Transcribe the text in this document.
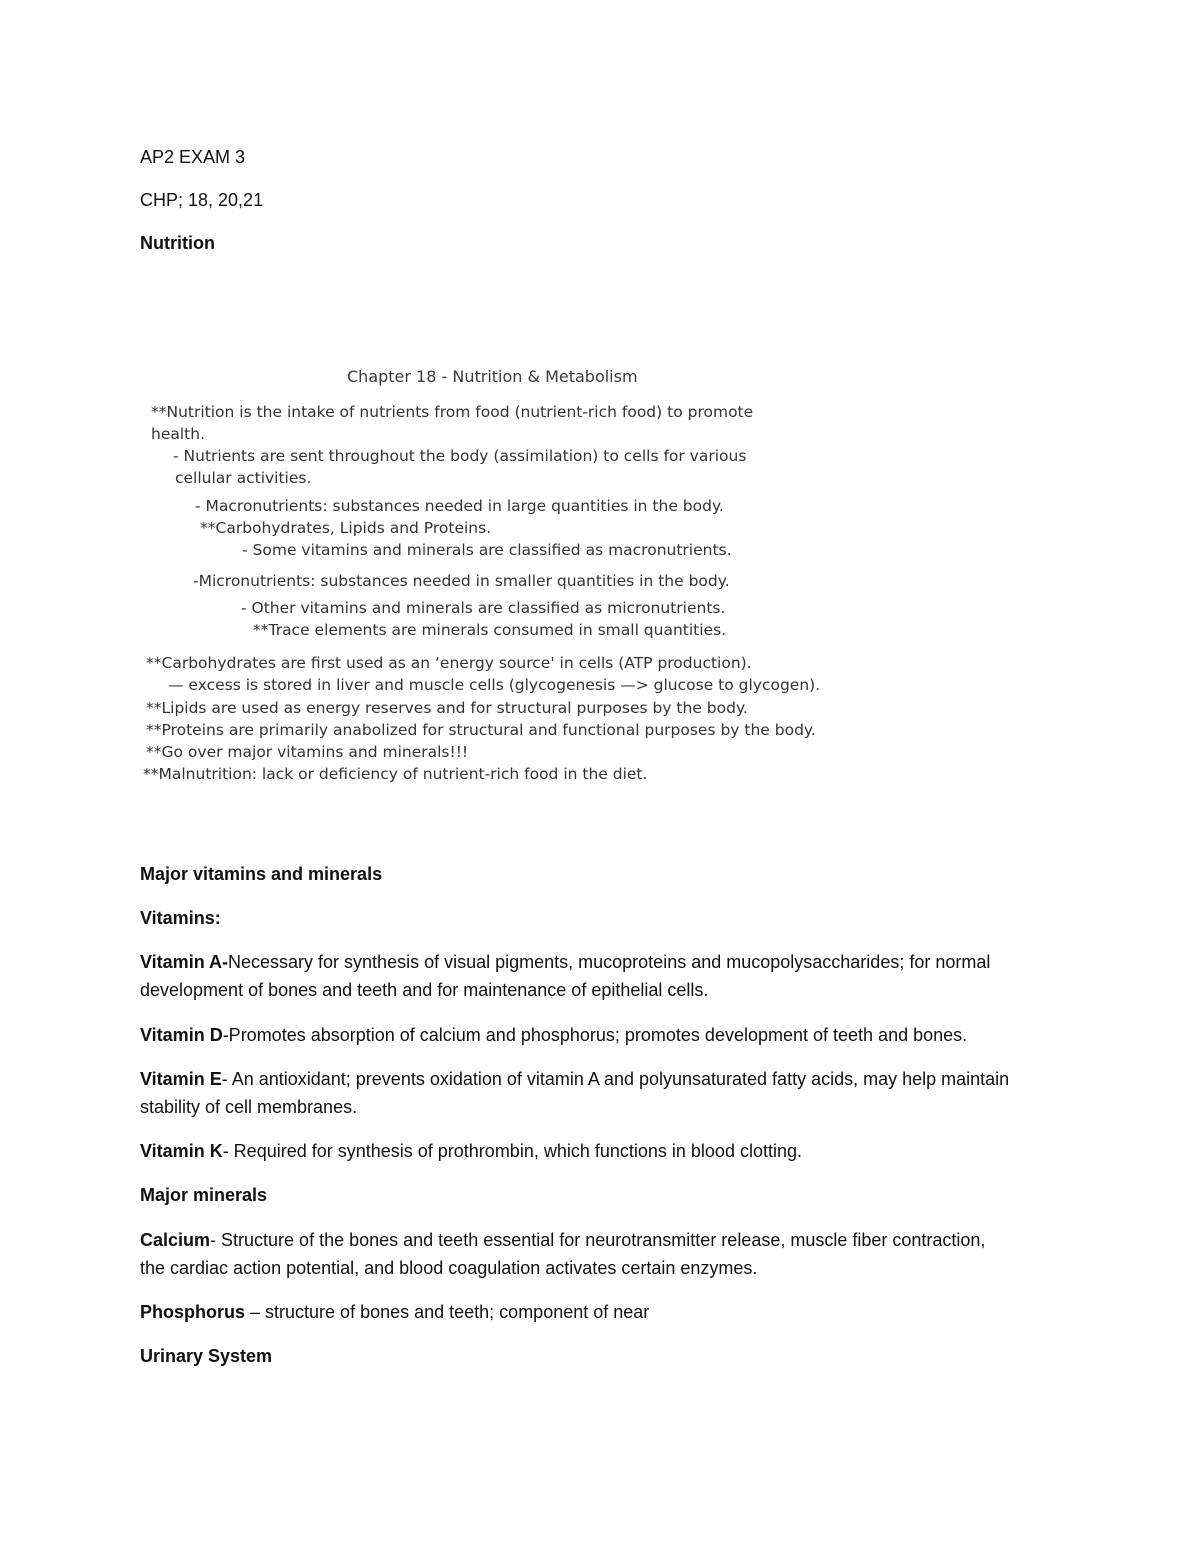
AP2 EXAM 3
CHP; 18, 20,21
Nutrition
Chapter 18 - Nutrition & Metabolism
**Nutrition is the intake of nutrients from food (nutrient-rich food) to promote
health.
- Nutrients are sent throughout the body (assimilation) to cells for various
cellular activities.
- Macronutrients: substances needed in large quantities in the body.
**Carbohydrates, Lipids and Proteins.
- Some vitamins and minerals are classified as macronutrients.
-Micronutrients: substances needed in smaller quantities in the body.
- Other vitamins and minerals are classified as micronutrients.
**Trace elements are minerals consumed in small quantities.
**Carbohydrates are first used as an ‘energy source' in cells (ATP production).
— excess is stored in liver and muscle cells (glycogenesis —> glucose to glycogen).
**Lipids are used as energy reserves and for structural purposes by the body.
**Proteins are primarily anabolized for structural and functional purposes by the body.
**Go over major vitamins and minerals!!!
**Malnutrition: lack or deficiency of nutrient-rich food in the diet.
Major vitamins and minerals
Vitamins:
Vitamin A-Necessary for synthesis of visual pigments, mucoproteins and mucopolysaccharides; for normal development of bones and teeth and for maintenance of epithelial cells.
Vitamin D-Promotes absorption of calcium and phosphorus; promotes development of teeth and bones.
Vitamin E- An antioxidant; prevents oxidation of vitamin A and polyunsaturated fatty acids, may help maintain stability of cell membranes.
Vitamin K- Required for synthesis of prothrombin, which functions in blood clotting.
Major minerals
Calcium- Structure of the bones and teeth essential for neurotransmitter release, muscle fiber contraction, the cardiac action potential, and blood coagulation activates certain enzymes.
Phosphorus – structure of bones and teeth; component of near
Urinary System
